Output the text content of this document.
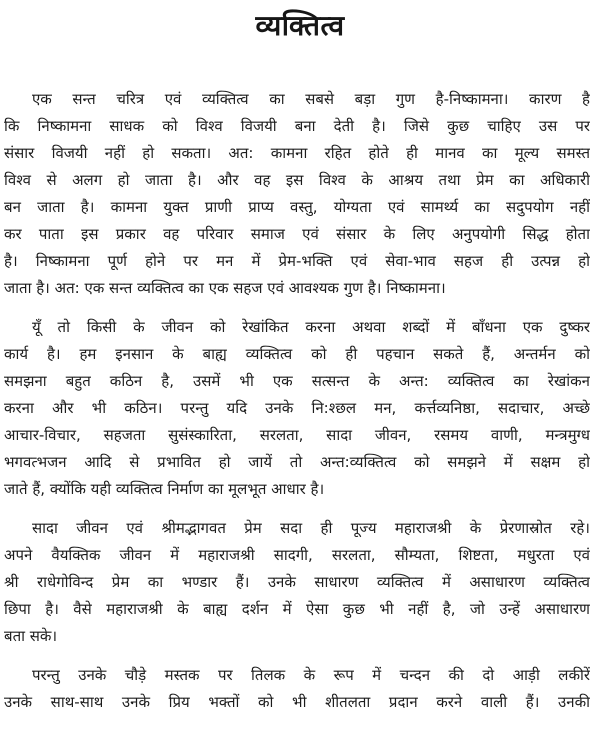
व्यक्तित्व
एक सन्त चरित्र एवं व्यक्तित्व का सबसे बड़ा गुण है-निष्कामना। कारण है
कि निष्कामना साधक को विश्व विजयी बना देती है। जिसे कुछ चाहिए उस पर
संसार विजयी नहीं हो सकता। अत: कामना रहित होते ही मानव का मूल्य समस्त
विश्व से अलग हो जाता है। और वह इस विश्व के आश्रय तथा प्रेम का अधिकारी
बन जाता है। कामना युक्त प्राणी प्राप्य वस्तु, योग्यता एवं सामर्थ्य का सदुपयोग नहीं
कर पाता इस प्रकार वह परिवार समाज एवं संसार के लिए अनुपयोगी सिद्ध होता
है। निष्कामना पूर्ण होने पर मन में प्रेम-भक्ति एवं सेवा-भाव सहज ही उत्पन्न हो
जाता है। अत: एक सन्त व्यक्तित्व का एक सहज एवं आवश्यक गुण है। निष्कामना।
यूँ तो किसी के जीवन को रेखांकित करना अथवा शब्दों में बाँधना एक दुष्कर
कार्य है। हम इनसान के बाह्य व्यक्तित्व को ही पहचान सकते हैं, अन्तर्मन को
समझना बहुत कठिन है, उसमें भी एक सत्सन्त के अन्त: व्यक्तित्व का रेखांकन
करना और भी कठिन। परन्तु यदि उनके नि:श्छल मन, कर्त्तव्यनिष्ठा, सदाचार, अच्छे
आचार-विचार, सहजता सुसंस्कारिता, सरलता, सादा जीवन, रसमय वाणी, मन्त्रमुग्ध
भगवत्भजन आदि से प्रभावित हो जायें तो अन्त:व्यक्तित्व को समझने में सक्षम हो
जाते हैं, क्योंकि यही व्यक्तित्व निर्माण का मूलभूत आधार है।
सादा जीवन एवं श्रीमद्भागवत प्रेम सदा ही पूज्य महाराजश्री के प्रेरणास्रोत रहे।
अपने वैयक्तिक जीवन में महाराजश्री सादगी, सरलता, सौम्यता, शिष्टता, मधुरता एवं
श्री राधेगोविन्द प्रेम का भण्डार हैं। उनके साधारण व्यक्तित्व में असाधारण व्यक्तित्व
छिपा है। वैसे महाराजश्री के बाह्य दर्शन में ऐसा कुछ भी नहीं है, जो उन्हें असाधारण
बता सके।
परन्तु उनके चौड़े मस्तक पर तिलक के रूप में चन्दन की दो आड़ी लकीरें
उनके साथ-साथ उनके प्रिय भक्तों को भी शीतलता प्रदान करने वाली हैं। उनकी
